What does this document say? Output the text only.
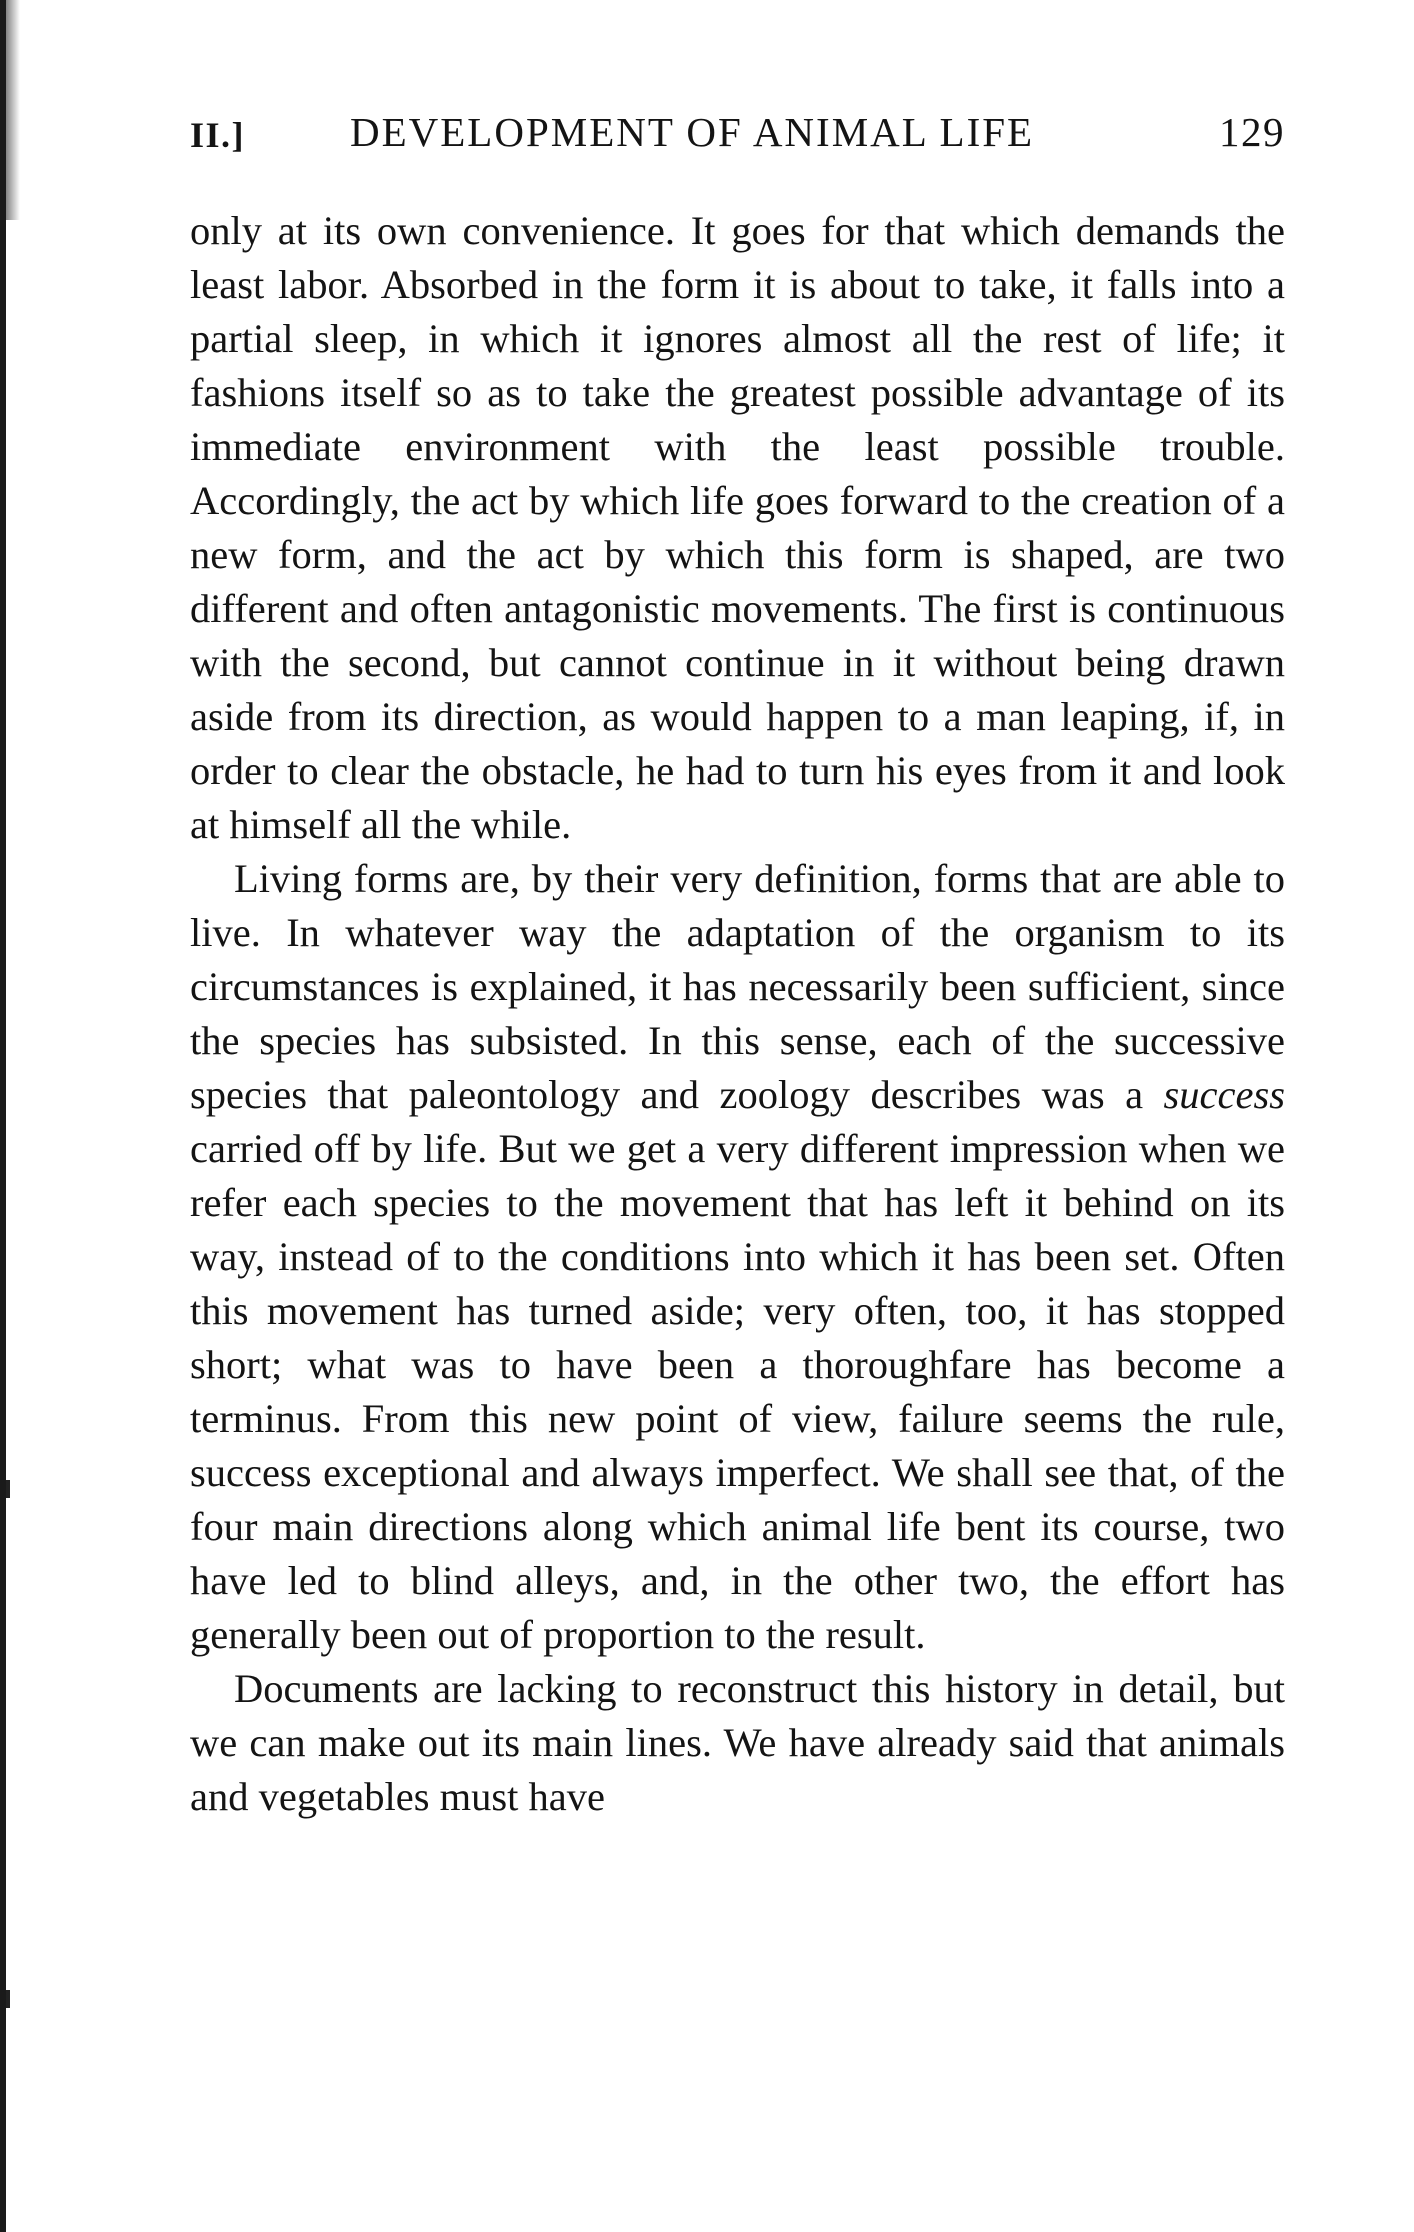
II.]	DEVELOPMENT OF ANIMAL LIFE	129

only at its own convenience. It goes for that which demands the least labor. Absorbed in the form it is about to take, it falls into a partial sleep, in which it ignores almost all the rest of life; it fashions itself so as to take the greatest possible advantage of its immediate environment with the least possible trouble. Accordingly, the act by which life goes forward to the creation of a new form, and the act by which this form is shaped, are two different and often antagonistic movements. The first is continuous with the second, but cannot continue in it without being drawn aside from its direction, as would happen to a man leaping, if, in order to clear the obstacle, he had to turn his eyes from it and look at himself all the while.

Living forms are, by their very definition, forms that are able to live. In whatever way the adaptation of the organism to its circumstances is explained, it has necessarily been sufficient, since the species has subsisted. In this sense, each of the successive species that paleontology and zoology describes was a success carried off by life. But we get a very different impression when we refer each species to the movement that has left it behind on its way, instead of to the conditions into which it has been set. Often this movement has turned aside; very often, too, it has stopped short; what was to have been a thoroughfare has become a terminus. From this new point of view, failure seems the rule, success exceptional and always imperfect. We shall see that, of the four main directions along which animal life bent its course, two have led to blind alleys, and, in the other two, the effort has generally been out of proportion to the result.

Documents are lacking to reconstruct this history in detail, but we can make out its main lines. We have already said that animals and vegetables must have
